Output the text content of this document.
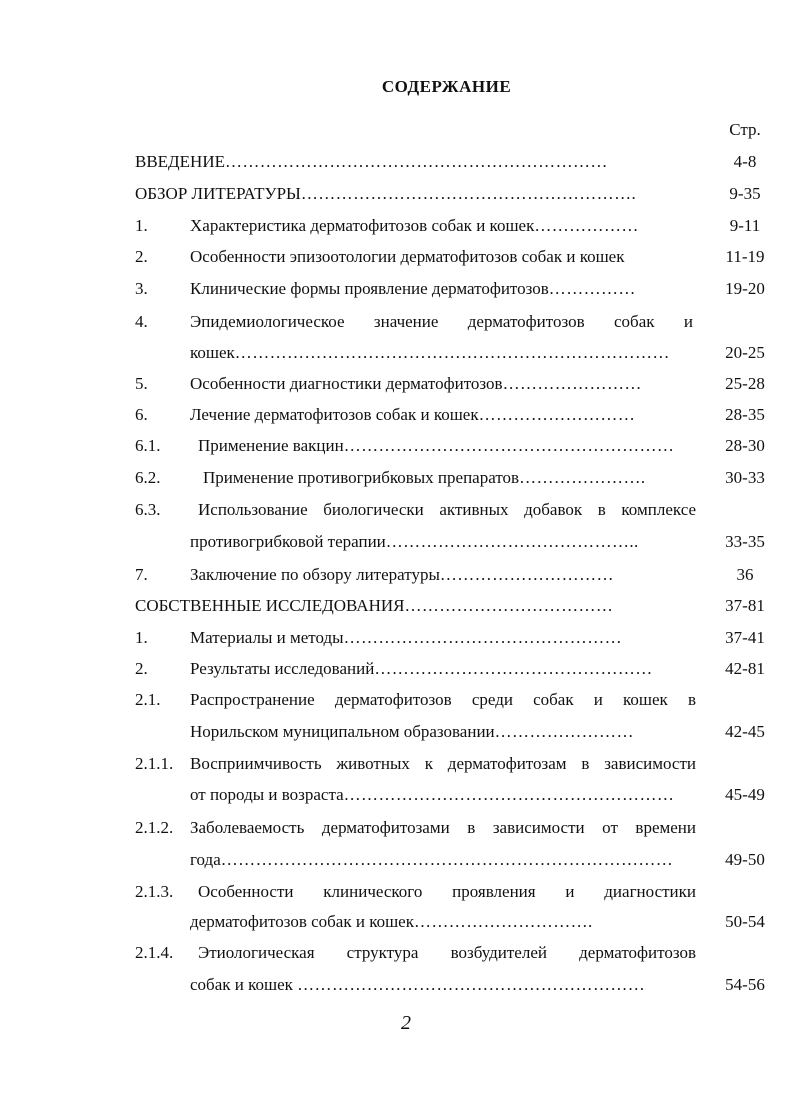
СОДЕРЖАНИЕ
Стр.
ВВЕДЕНИЕ…………………………………………………………	4-8
ОБЗОР ЛИТЕРАТУРЫ………………………………………………….	9-35
1. Характеристика дерматофитозов собак и кошек………………	9-11
2. Особенности эпизоотологии дерматофитозов собак и кошек	11-19
3. Клинические формы проявление дерматофитозов……………	19-20
4. Эпидемиологическое значение дерматофитозов собак и
кошек…………………………………………………………………	20-25
5. Особенности диагностики дерматофитозов……………………	25-28
6. Лечение дерматофитозов собак и кошек………………………	28-35
6.1. Применение вакцин…………………………………………………	28-30
6.2.	Применение противогрибковых препаратов………………….	30-33
6.3. Использование биологически активных добавок в комплексе
противогрибковой терапии……………………………………..	33-35
7. Заключение по обзору литературы…………………………	36
СОБСТВЕННЫЕ ИССЛЕДОВАНИЯ………………………………	37-81
1. Материалы и методы…………………………………………	37-41
2. Результаты исследований…………………………………………	42-81
2.1. Распространение дерматофитозов среди собак и кошек в
Норильском муниципальном образовании……………………	42-45
2.1.1. Восприимчивость животных к дерматофитозам в зависимости
от породы и возраста…………………………………………………	45-49
2.1.2. Заболеваемость дерматофитозами в зависимости от времени
года……………………………………………………………………	49-50
2.1.3. Особенности клинического проявления и диагностики
дерматофитозов собак и кошек………………………….	50-54
2.1.4. Этиологическая структура возбудителей дерматофитозов
собак и кошек ……………………………………………………	54-56
2
